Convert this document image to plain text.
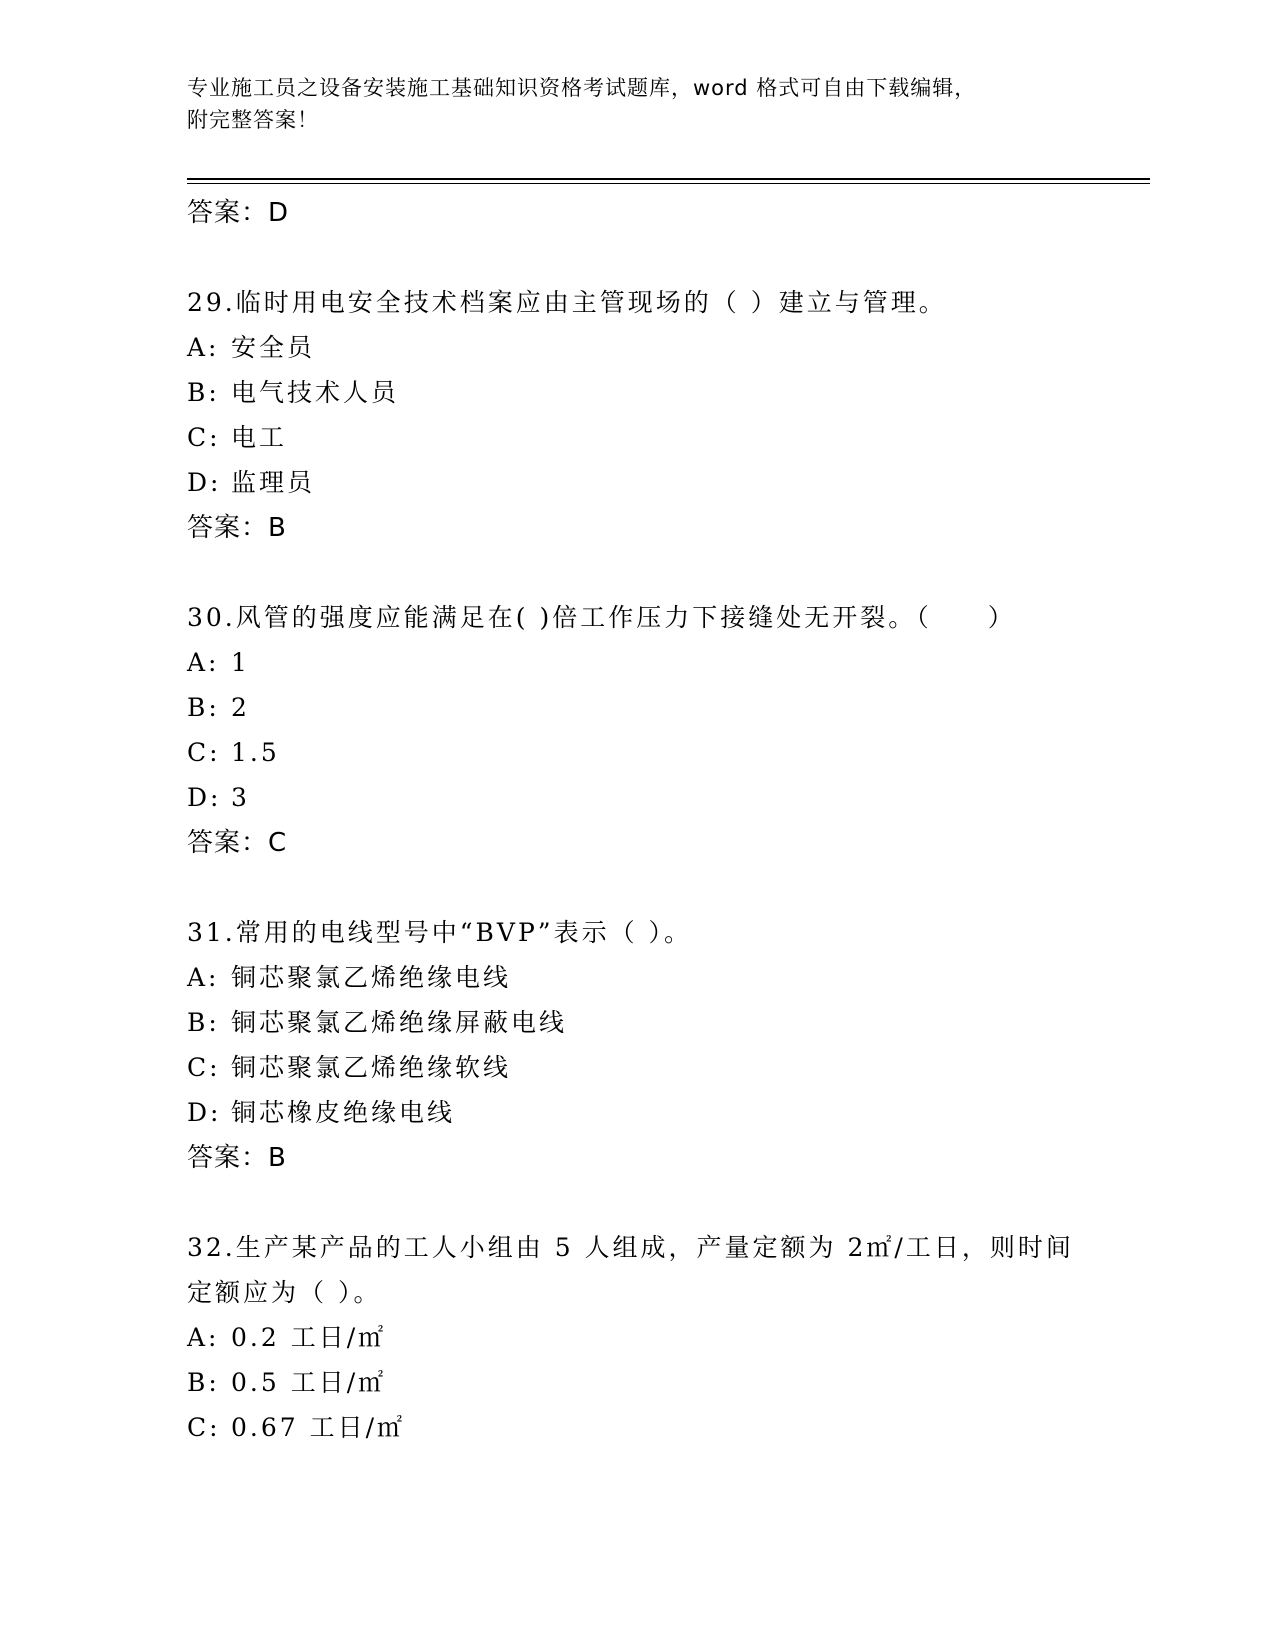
专业施工员之设备安装施工基础知识资格考试题库，word 格式可自由下载编辑，
附完整答案！
答案：D
29.临时用电安全技术档案应由主管现场的（ ）建立与管理。
A: 安全员
B: 电气技术人员
C: 电工
D: 监理员
答案：B
30.风管的强度应能满足在( )倍工作压力下接缝处无开裂。（　　）
A: 1
B: 2
C: 1.5
D: 3
答案：C
31.常用的电线型号中“BVP”表示（ ）。
A: 铜芯聚氯乙烯绝缘电线
B: 铜芯聚氯乙烯绝缘屏蔽电线
C: 铜芯聚氯乙烯绝缘软线
D: 铜芯橡皮绝缘电线
答案：B
32.生产某产品的工人小组由 5 人组成，产量定额为 2㎡/工日，则时间定额应为（ ）。
A: 0.2 工日/㎡
B: 0.5 工日/㎡
C: 0.67 工日/㎡
